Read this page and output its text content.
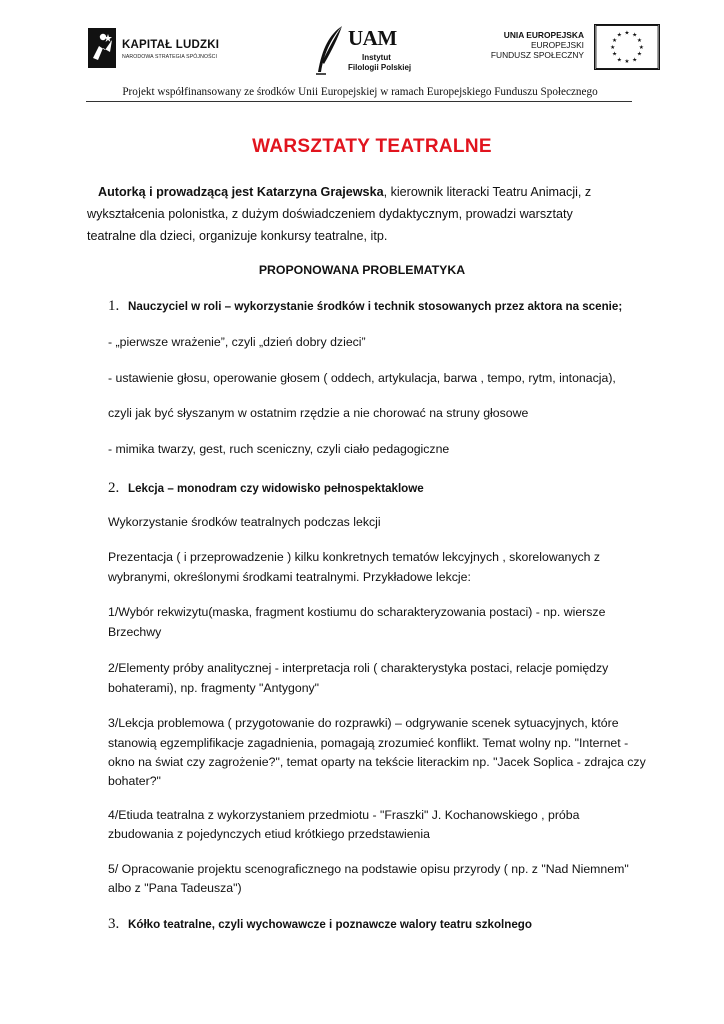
KAPITAŁ LUDZKI
NARODOWA STRATEGIA SPÓJNOŚCI
UAM
Instytut
Filologii Polskiej
UNIA EUROPEJSKA
EUROPEJSKI
FUNDUSZ SPOŁECZNY
★ ★
★
★
★
★
★
★
★
★
★
★
Projekt współfinansowany ze środków Unii Europejskiej w ramach Europejskiego Funduszu Społecznego
WARSZTATY TEATRALNE
Autorką i prowadzącą jest Katarzyna Grajewska, kierownik literacki Teatru Animacji, z
wykształcenia polonistka, z dużym doświadczeniem dydaktycznym, prowadzi warsztaty
teatralne dla dzieci, organizuje konkursy teatralne, itp.
PROPONOWANA PROBLEMATYKA
1. Nauczyciel w roli – wykorzystanie środków i technik stosowanych przez aktora na scenie;
- „pierwsze wrażenie”, czyli „dzień dobry dzieci”
- ustawienie głosu, operowanie głosem ( oddech, artykulacja, barwa , tempo, rytm, intonacja),
czyli jak być słyszanym w ostatnim rzędzie a nie chorować na struny głosowe
- mimika twarzy, gest, ruch sceniczny, czyli ciało pedagogiczne
2. Lekcja – monodram czy widowisko pełnospektaklowe
Wykorzystanie środków teatralnych podczas lekcji
Prezentacja ( i przeprowadzenie ) kilku konkretnych tematów lekcyjnych , skorelowanych z
wybranymi, określonymi środkami teatralnymi. Przykładowe lekcje:
1/Wybór rekwizytu(maska, fragment kostiumu do scharakteryzowania postaci) - np. wiersze
Brzechwy
2/Elementy próby analitycznej - interpretacja roli ( charakterystyka postaci, relacje pomiędzy
bohaterami), np. fragmenty "Antygony"
3/Lekcja problemowa ( przygotowanie do rozprawki) – odgrywanie scenek sytuacyjnych, które
stanowią egzemplifikacje zagadnienia, pomagają zrozumieć konflikt. Temat wolny np. "Internet -
okno na świat czy zagrożenie?", temat oparty na tekście literackim np. "Jacek Soplica - zdrajca czy
bohater?"
4/Etiuda teatralna z wykorzystaniem przedmiotu - "Fraszki" J. Kochanowskiego , próba
zbudowania z pojedynczych etiud krótkiego przedstawienia
5/ Opracowanie projektu scenograficznego na podstawie opisu przyrody ( np. z "Nad Niemnem"
albo z "Pana Tadeusza")
3. Kółko teatralne, czyli wychowawcze i poznawcze walory teatru szkolnego
